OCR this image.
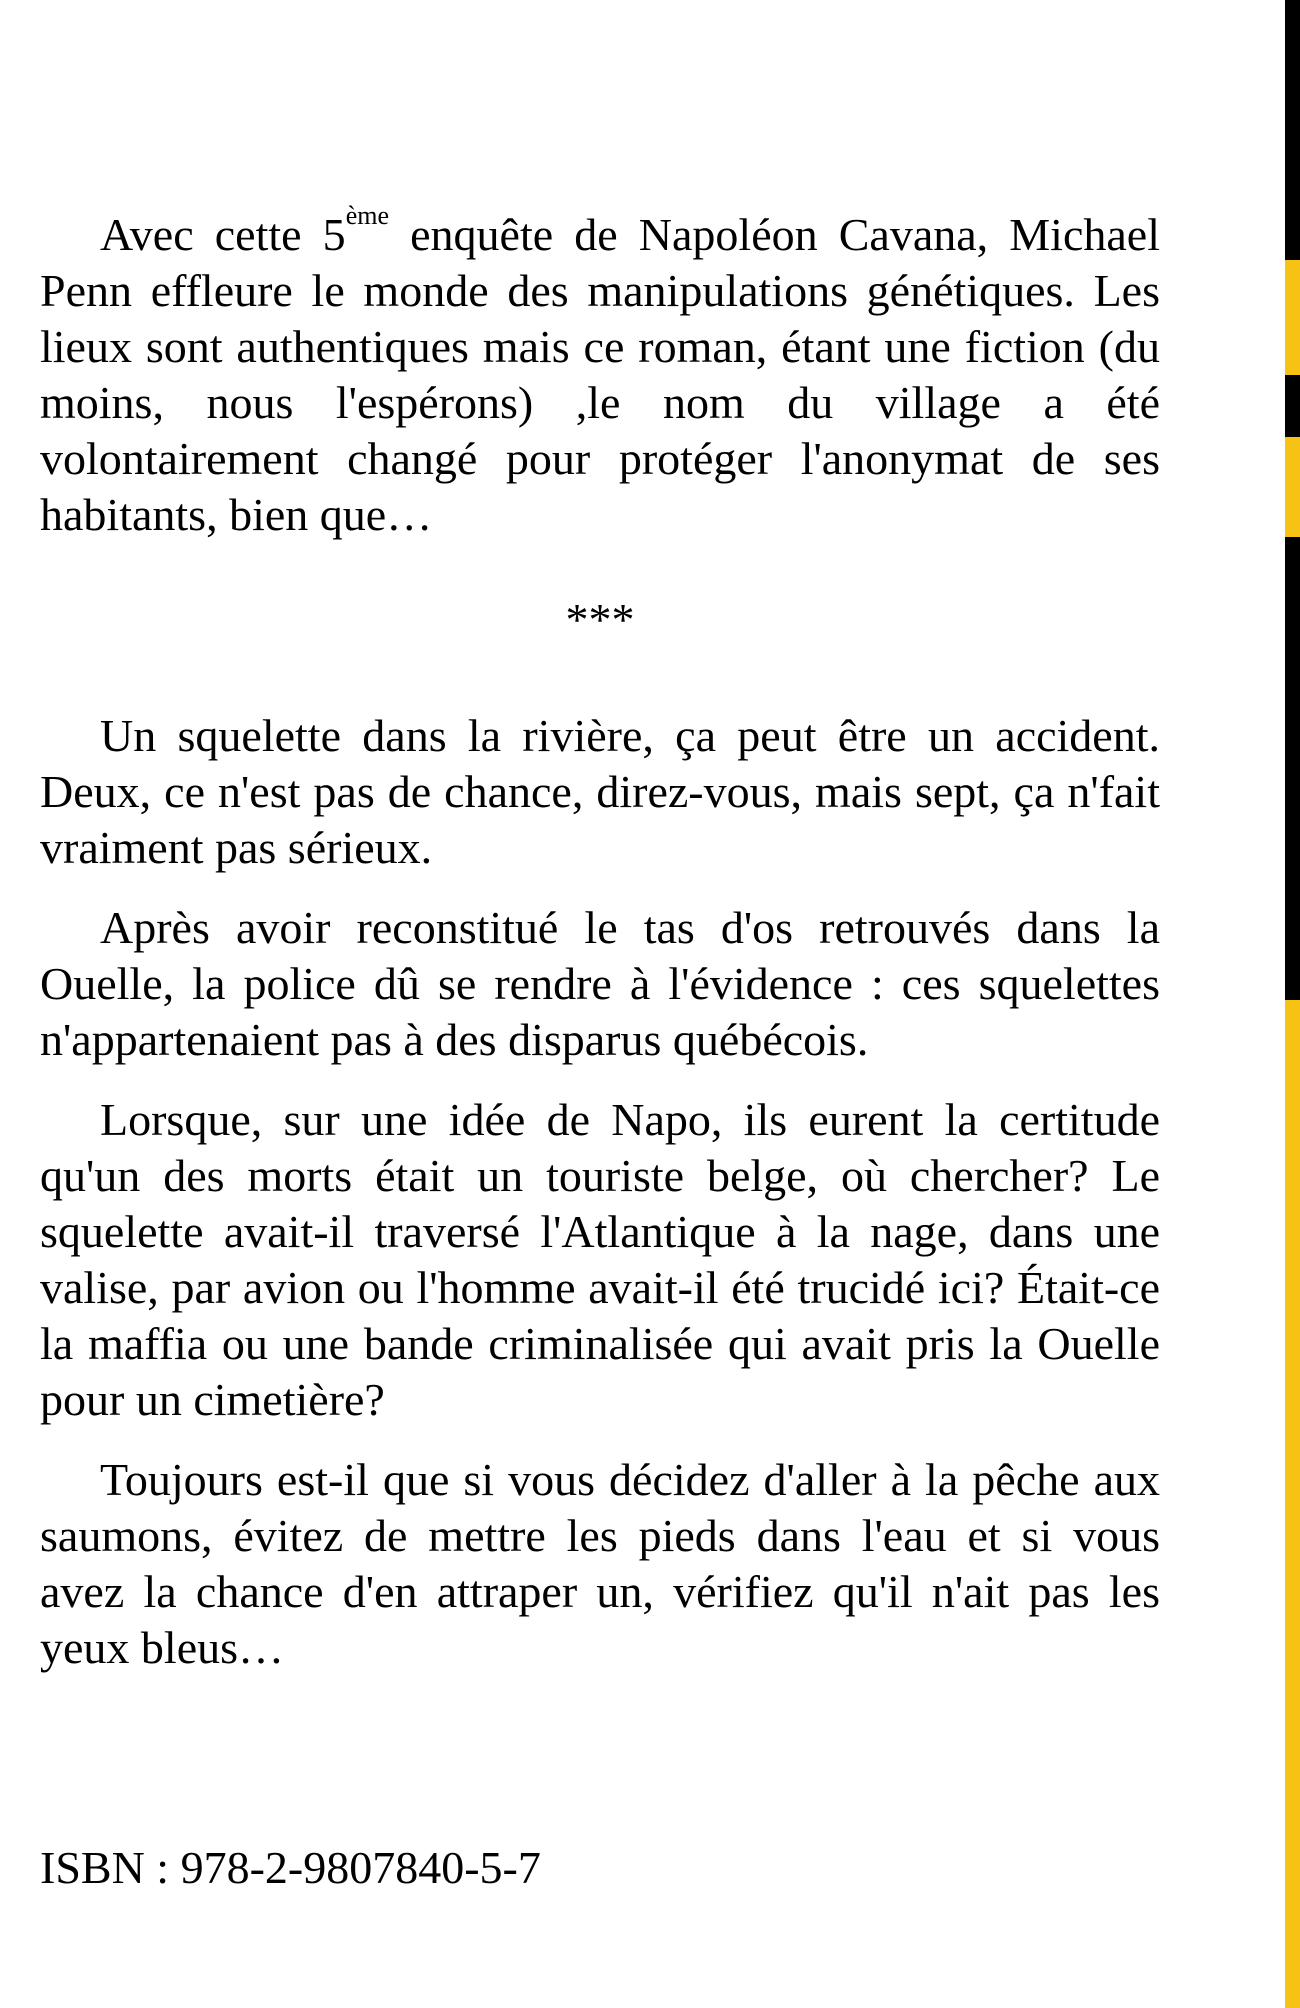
Avec cette 5ème enquête de Napoléon Cavana, Michael Penn effleure le monde des manipulations génétiques. Les lieux sont authentiques mais ce roman, étant une fiction (du moins, nous l'espérons) ,le nom du village a été volontairement changé pour protéger l'anonymat de ses habitants, bien que…

***

Un squelette dans la rivière, ça peut être un accident. Deux, ce n'est pas de chance, direz-vous, mais sept, ça n'fait vraiment pas sérieux.

Après avoir reconstitué le tas d'os retrouvés dans la Ouelle, la police dû se rendre à l'évidence : ces squelettes n'appartenaient pas à des disparus québécois.

Lorsque, sur une idée de Napo, ils eurent la certitude qu'un des morts était un touriste belge, où chercher? Le squelette avait-il traversé l'Atlantique à la nage, dans une valise, par avion ou l'homme avait-il été trucidé ici? Était-ce la maffia ou une bande criminalisée qui avait pris la Ouelle pour un cimetière?

Toujours est-il que si vous décidez d'aller à la pêche aux saumons, évitez de mettre les pieds dans l'eau et si vous avez la chance d'en attraper un, vérifiez qu'il n'ait pas les yeux bleus…

ISBN : 978-2-9807840-5-7
